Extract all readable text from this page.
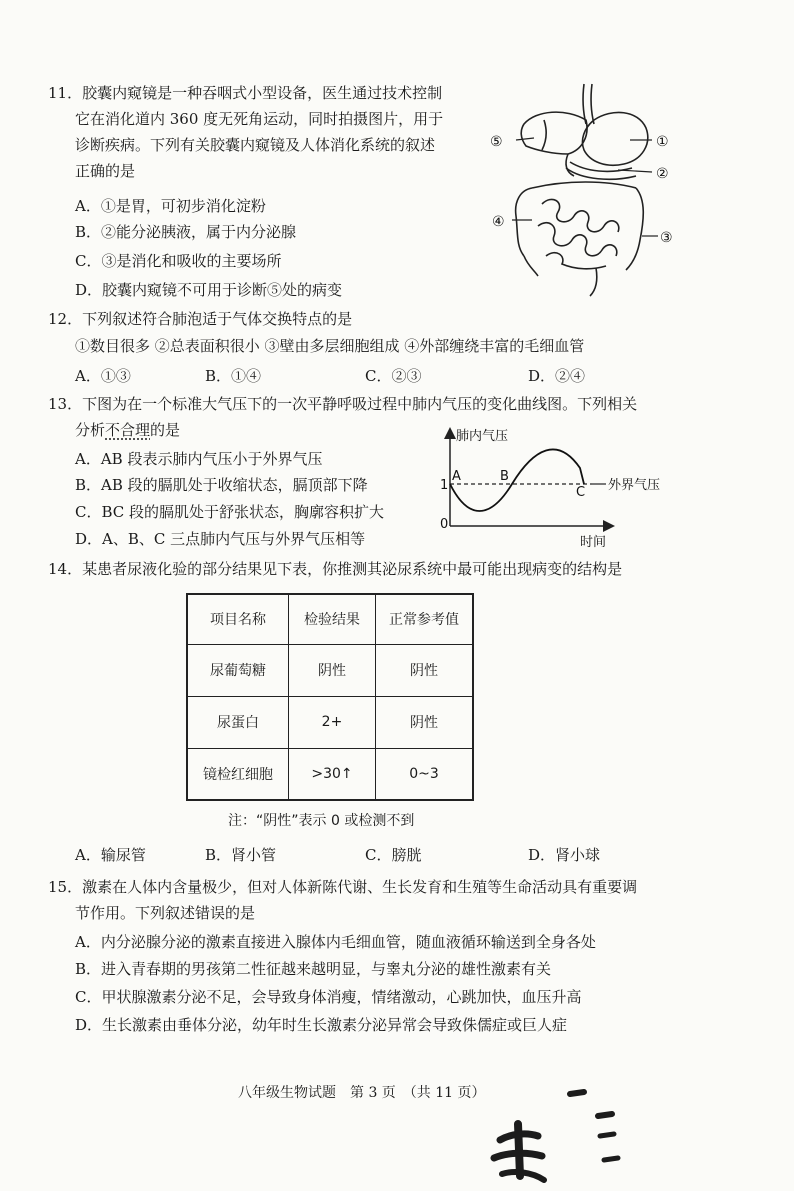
11．胶囊内窥镜是一种吞咽式小型设备，医生通过技术控制
它在消化道内 360 度无死角运动，同时拍摄图片，用于
诊断疾病。下列有关胶囊内窥镜及人体消化系统的叙述
正确的是
A．①是胃，可初步消化淀粉
B．②能分泌胰液，属于内分泌腺
C．③是消化和吸收的主要场所
D．胶囊内窥镜不可用于诊断⑤处的病变
⑤	①
②
④
③
12．下列叙述符合肺泡适于气体交换特点的是
①数目很多 ②总表面积很小 ③壁由多层细胞组成 ④外部缠绕丰富的毛细血管
A．①③	B．①④	C．②③	D．②④
13．下图为在一个标准大气压下的一次平静呼吸过程中肺内气压的变化曲线图。下列相关
分析不合理的是
A．AB 段表示肺内气压小于外界气压
B．AB 段的膈肌处于收缩状态，膈顶部下降
C．BC 段的膈肌处于舒张状态，胸廓容积扩大
D．A、B、C 三点肺内气压与外界气压相等
肺内气压
1
0
A	B
C 外界气压
时间
14．某患者尿液化验的部分结果见下表，你推测其泌尿系统中最可能出现病变的结构是
项目名称	检验结果	正常参考值
尿葡萄糖	阴性	阴性
尿蛋白	2+	阴性
镜检红细胞	>30↑	0~3
注：“阴性”表示 0 或检测不到
A．输尿管	B．肾小管	C．膀胱	D．肾小球
15．激素在人体内含量极少，但对人体新陈代谢、生长发育和生殖等生命活动具有重要调
节作用。下列叙述错误的是
A．内分泌腺分泌的激素直接进入腺体内毛细血管，随血液循环输送到全身各处
B．进入青春期的男孩第二性征越来越明显，与睾丸分泌的雄性激素有关
C．甲状腺激素分泌不足，会导致身体消瘦，情绪激动，心跳加快，血压升高
D．生长激素由垂体分泌，幼年时生长激素分泌异常会导致侏儒症或巨人症
八年级生物试题　第 3 页　（共 11 页）
